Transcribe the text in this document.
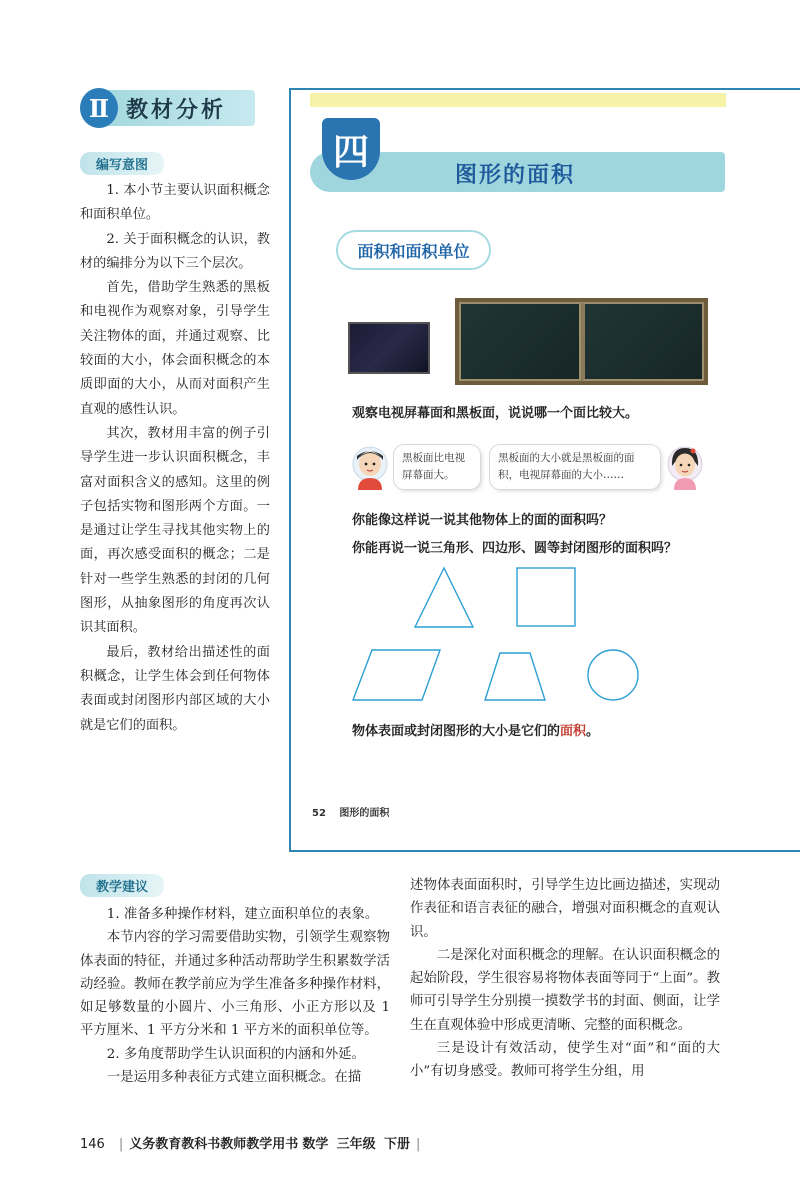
Ⅱ 教材分析
编写意图

1. 本小节主要认识面积概念和面积单位。

2. 关于面积概念的认识，教材的编排分为以下三个层次。

首先，借助学生熟悉的黑板和电视作为观察对象，引导学生关注物体的面，并通过观察、比较面的大小，体会面积概念的本质即面的大小，从而对面积产生直观的感性认识。

其次，教材用丰富的例子引导学生进一步认识面积概念，丰富对面积含义的感知。这里的例子包括实物和图形两个方面。一是通过让学生寻找其他实物上的面，再次感受面积的概念；二是针对一些学生熟悉的封闭的几何图形，从抽象图形的角度再次认识其面积。

最后，教材给出描述性的面积概念，让学生体会到任何物体表面或封闭图形内部区域的大小就是它们的面积。

四
图形的面积
面积和面积单位
观察电视屏幕面和黑板面，说说哪一个面比较大。
黑板面比电视屏幕面大。
黑板面的大小就是黑板面的面积，电视屏幕面的大小……
你能像这样说一说其他物体上的面的面积吗？
你能再说一说三角形、四边形、圆等封闭图形的面积吗？
物体表面或封闭图形的大小是它们的面积。
52 图形的面积
教学建议

1. 准备多种操作材料，建立面积单位的表象。

本节内容的学习需要借助实物，引领学生观察物体表面的特征，并通过多种活动帮助学生积累数学活动经验。教师在教学前应为学生准备多种操作材料，如足够数量的小圆片、小三角形、小正方形以及 1 平方厘米、1 平方分米和 1 平方米的面积单位等。

2. 多角度帮助学生认识面积的内涵和外延。

一是运用多种表征方式建立面积概念。在描

述物体表面面积时，引导学生边比画边描述，实现动作表征和语言表征的融合，增强对面积概念的直观认识。

二是深化对面积概念的理解。在认识面积概念的起始阶段，学生很容易将物体表面等同于“上面”。教师可引导学生分别摸一摸数学书的封面、侧面，让学生在直观体验中形成更清晰、完整的面积概念。

三是设计有效活动，使学生对“面”和“面的大小”有切身感受。教师可将学生分组，用

146 | 义务教育教科书教师教学用书 数学 三年级 下册 |
